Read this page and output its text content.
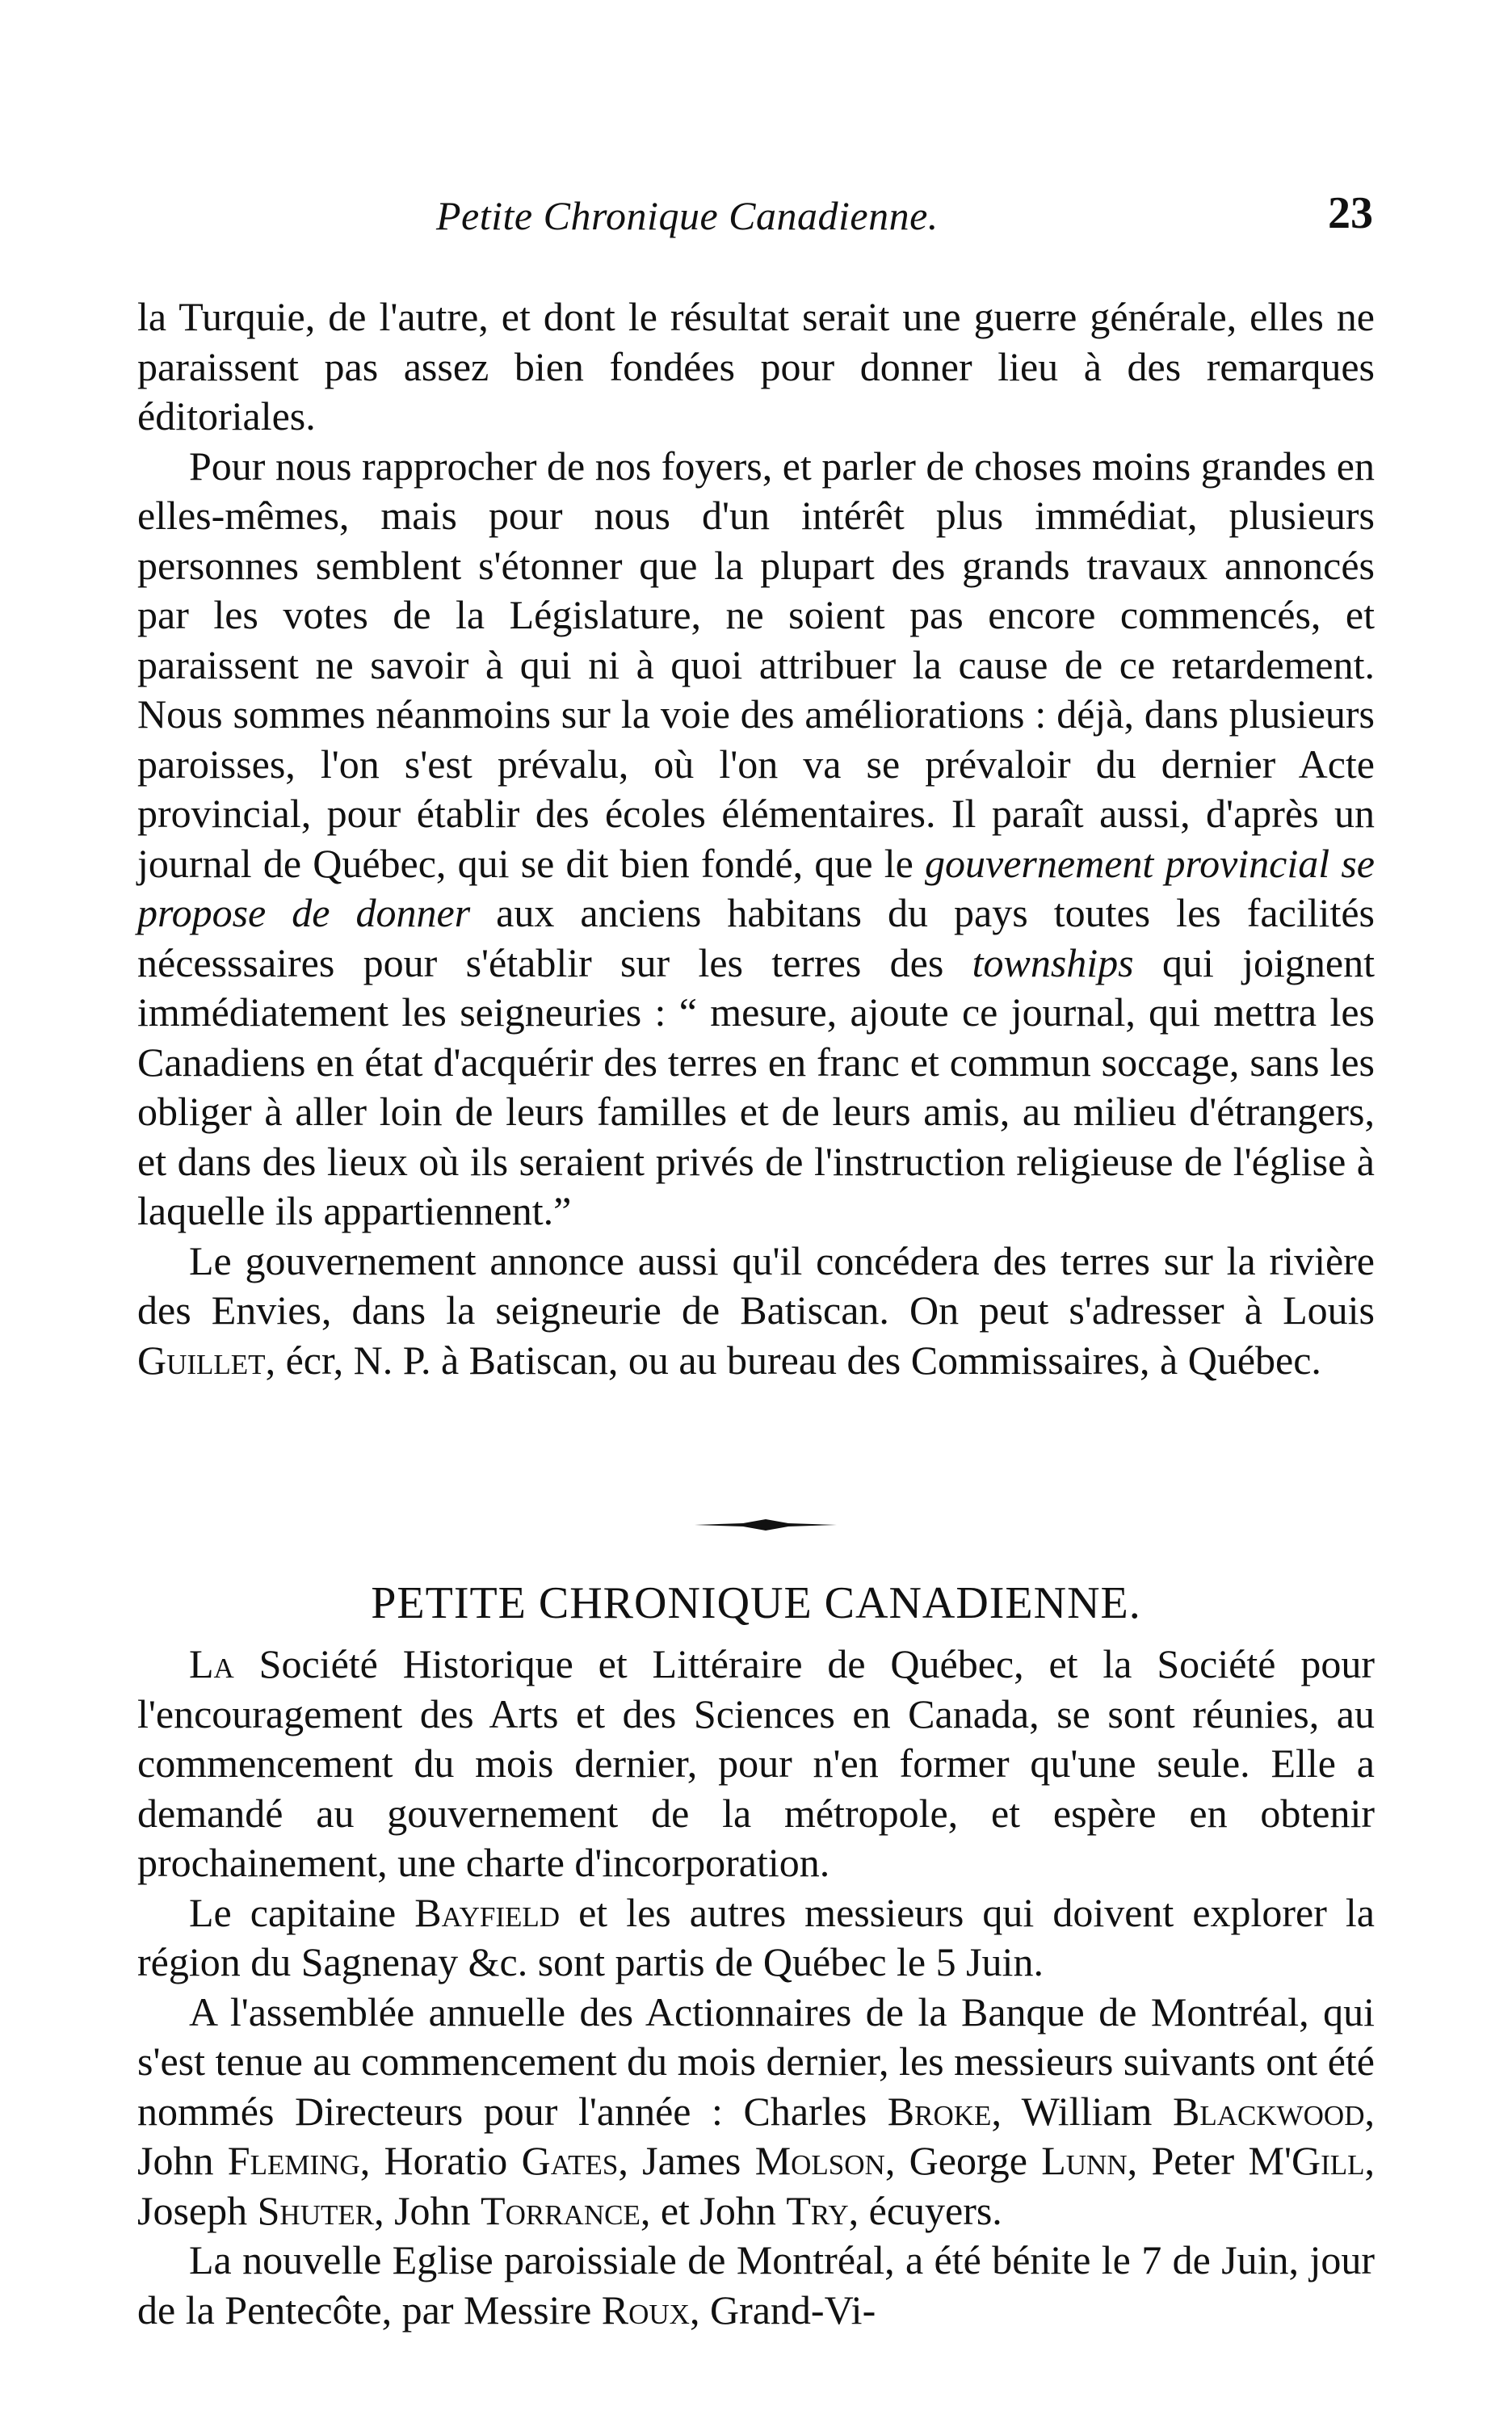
Petite Chronique Canadienne.	23

la Turquie, de l'autre, et dont le résultat serait une guerre générale, elles ne paraissent pas assez bien fondées pour donner lieu à des remarques éditoriales.

Pour nous rapprocher de nos foyers, et parler de choses moins grandes en elles-mêmes, mais pour nous d'un intérêt plus immédiat, plusieurs personnes semblent s'étonner que la plupart des grands travaux annoncés par les votes de la Législature, ne soient pas encore commencés, et paraissent ne savoir à qui ni à quoi attribuer la cause de ce retardement. Nous sommes néanmoins sur la voie des améliorations : déjà, dans plusieurs paroisses, l'on s'est prévalu, où l'on va se prévaloir du dernier Acte provincial, pour établir des écoles élémentaires. Il paraît aussi, d'après un journal de Québec, qui se dit bien fondé, que le gouvernement provincial se propose de donner aux anciens habitans du pays toutes les facilités nécesssaires pour s'établir sur les terres des townships qui joignent immédiatement les seigneuries : “ mesure, ajoute ce journal, qui mettra les Canadiens en état d'acquérir des terres en franc et commun soccage, sans les obliger à aller loin de leurs familles et de leurs amis, au milieu d'étrangers, et dans des lieux où ils seraient privés de l'instruction religieuse de l'église à laquelle ils appartiennent.”

Le gouvernement annonce aussi qu'il concédera des terres sur la rivière des Envies, dans la seigneurie de Batiscan. On peut s'adresser à Louis Guillet, écr, N. P. à Batiscan, ou au bureau des Commissaires, à Québec.

PETITE CHRONIQUE CANADIENNE.

La Société Historique et Littéraire de Québec, et la Société pour l'encouragement des Arts et des Sciences en Canada, se sont réunies, au commencement du mois dernier, pour n'en former qu'une seule. Elle a demandé au gouvernement de la métropole, et espère en obtenir prochainement, une charte d'incorporation.

Le capitaine Bayfield et les autres messieurs qui doivent explorer la région du Sagnenay &c. sont partis de Québec le 5 Juin.

A l'assemblée annuelle des Actionnaires de la Banque de Montréal, qui s'est tenue au commencement du mois dernier, les messieurs suivants ont été nommés Directeurs pour l'année : Charles Broke, William Blackwood, John Fleming, Horatio Gates, James Molson, George Lunn, Peter M'Gill, Joseph Shuter, John Torrance, et John Try, écuyers.

La nouvelle Eglise paroissiale de Montréal, a été bénite le 7 de Juin, jour de la Pentecôte, par Messire Roux, Grand-Vi-
